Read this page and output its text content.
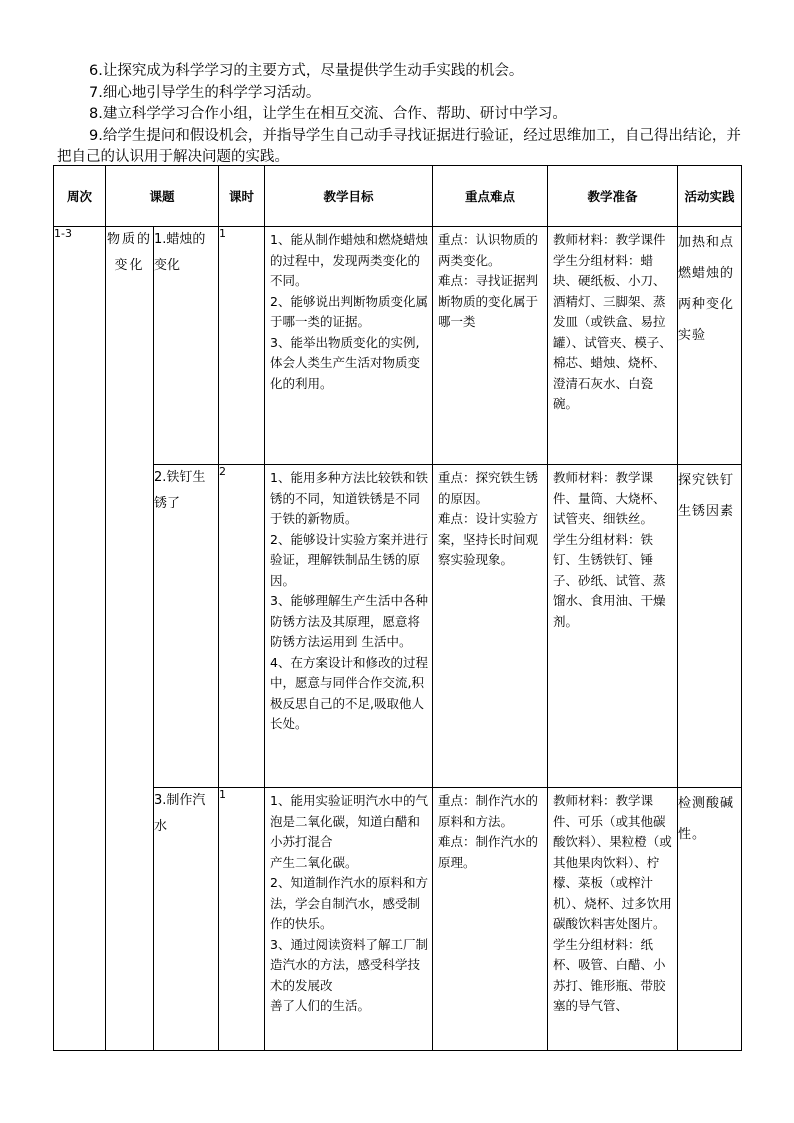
6.让探究成为科学学习的主要方式，尽量提供学生动手实践的机会。

7.细心地引导学生的科学学习活动。

8.建立科学学习合作小组，让学生在相互交流、合作、帮助、研讨中学习。

9.给学生提问和假设机会，并指导学生自己动手寻找证据进行验证，经过思维加工，自己得出结论，并把自己的认识用于解决问题的实践。

周次	课题		课时	教学目标	重点难点	教学准备	活动实践
1-3	物质的变化	1.蜡烛的变化	1	1、能从制作蜡烛和燃烧蜡烛的过程中，发现两类变化的不同。
2、能够说出判断物质变化属于哪一类的证据。
3、能举出物质变化的实例,体会人类生产生活对物质变化的利用。	重点：认识物质的两类变化。
难点：寻找证据判断物质的变化属于哪一类	教师材料：教学课件
学生分组材料：蜡块、硬纸板、小刀、酒精灯、三脚架、蒸发皿（或铁盒、易拉罐）、试管夹、模子、棉芯、蜡烛、烧杯、澄清石灰水、白瓷碗。	加热和点燃蜡烛的两种变化实验
		2.铁钉生锈了	2	1、能用多种方法比较铁和铁锈的不同，知道铁锈是不同于铁的新物质。
2、能够设计实验方案并进行验证，理解铁制品生锈的原因。
3、能够理解生产生活中各种防锈方法及其原理，愿意将防锈方法运用到 生活中。
4、在方案设计和修改的过程中，愿意与同伴合作交流,积极反思自己的不足,吸取他人长处。	重点：探究铁生锈的原因。
难点：设计实验方案，坚持长时间观察实验现象。	教师材料：教学课件、量筒、大烧杯、试管夹、细铁丝。
学生分组材料：铁钉、生锈铁钉、锤子、砂纸、试管、蒸馏水、食用油、干燥剂。	探究铁钉生锈因素
		3.制作汽水	1	1、能用实验证明汽水中的气泡是二氧化碳，知道白醋和小苏打混合
产生二氧化碳。
2、知道制作汽水的原料和方法，学会自制汽水，感受制作的快乐。
3、通过阅读资料了解工厂制造汽水的方法，感受科学技术的发展改
善了人们的生活。	重点：制作汽水的原料和方法。
难点：制作汽水的原理。	教师材料：教学课件、可乐（或其他碳酸饮料）、果粒橙（或其他果肉饮料）、柠檬、菜板（或榨汁机）、烧杯、过多饮用碳酸饮料害处图片。
学生分组材料：纸杯、吸管、白醋、小苏打、锥形瓶、带胶塞的导气管、	检测酸碱性。
